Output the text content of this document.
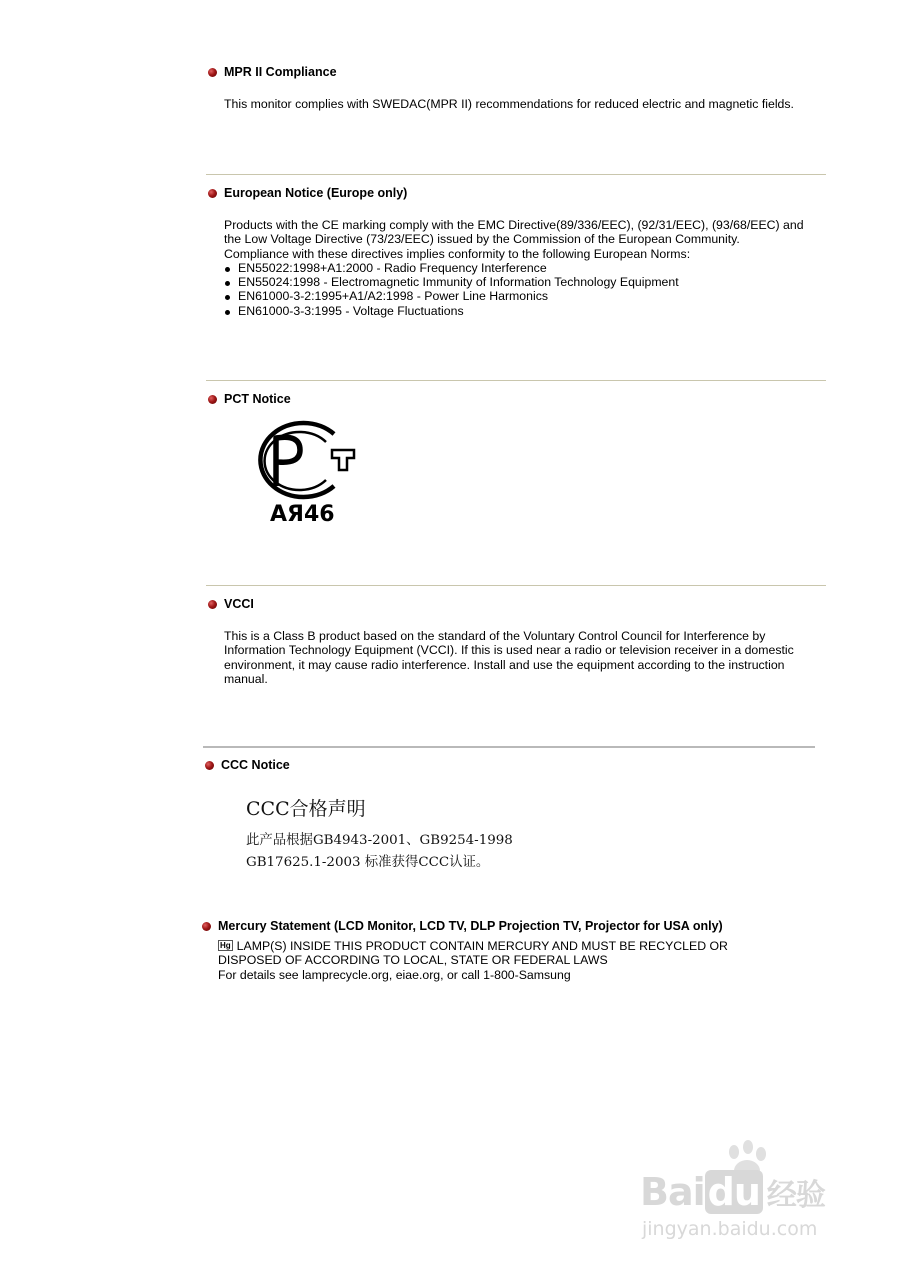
MPR II Compliance
This monitor complies with SWEDAC(MPR II) recommendations for reduced electric and magnetic fields.
European Notice (Europe only)
Products with the CE marking comply with the EMC Directive(89/336/EEC), (92/31/EEC), (93/68/EEC) and
the Low Voltage Directive (73/23/EEC) issued by the Commission of the European Community.
Compliance with these directives implies conformity to the following European Norms:
EN55022:1998+A1:2000 - Radio Frequency Interference
EN55024:1998 - Electromagnetic Immunity of Information Technology Equipment
EN61000-3-2:1995+A1/A2:1998 - Power Line Harmonics
EN61000-3-3:1995 - Voltage Fluctuations
PCT Notice
АЯ46
VCCI
This is a Class B product based on the standard of the Voluntary Control Council for Interference by Information Technology Equipment (VCCI). If this is used near a radio or television receiver in a domestic environment, it may cause radio interference. Install and use the equipment according to the instruction manual.
CCC Notice
CCC合格声明
此产品根据GB4943-2001、GB9254-1998
GB17625.1-2003 标准获得CCC认证。
Mercury Statement (LCD Monitor, LCD TV, DLP Projection TV, Projector for USA only)
Hg LAMP(S) INSIDE THIS PRODUCT CONTAIN MERCURY AND MUST BE RECYCLED OR
DISPOSED OF ACCORDING TO LOCAL, STATE OR FEDERAL LAWS
For details see lamprecycle.org, eiae.org, or call 1-800-Samsung
Baidu 经验
jingyan.baidu.com
